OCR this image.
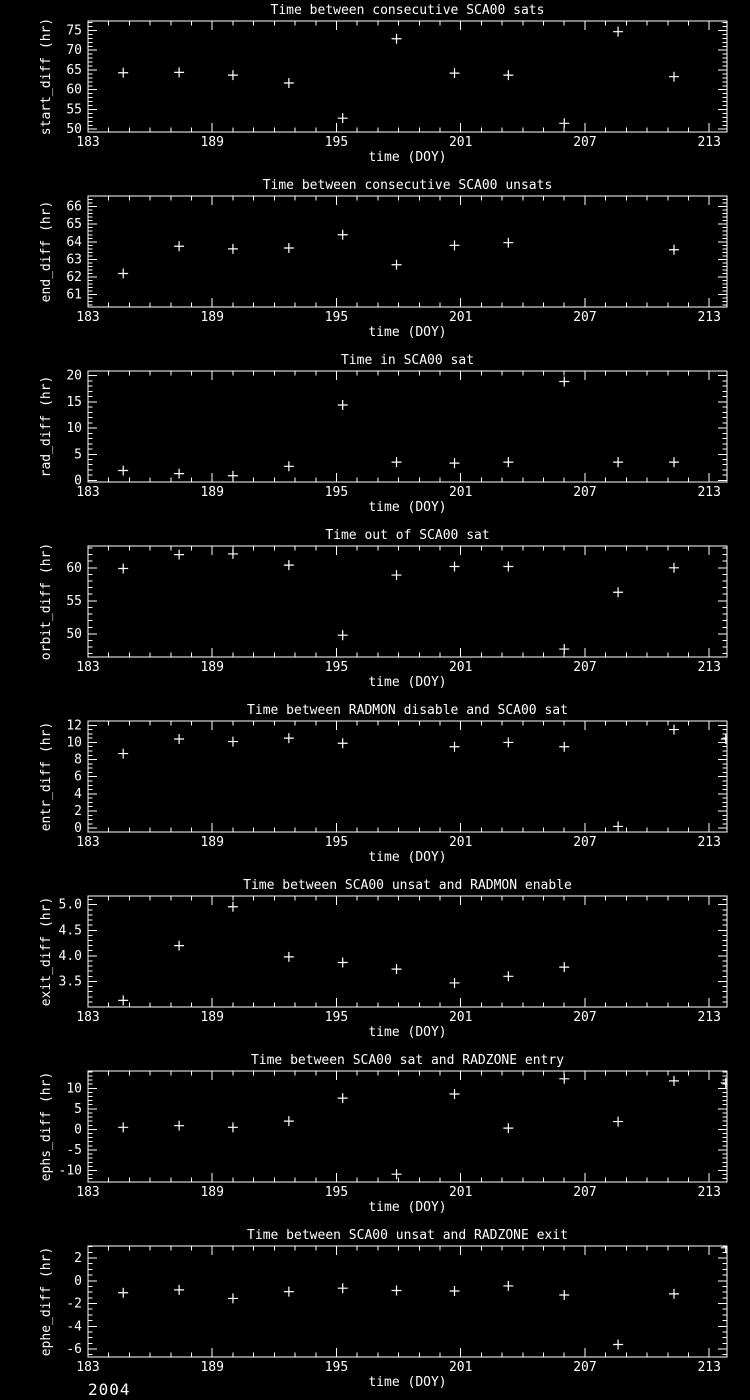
Time between consecutive SCA00 sats
183	189	195	201	207	213
time (DOY)
50
55
60
65
70
75
start_diff (hr)
Time between consecutive SCA00 unsats
183	189	195	201	207	213
time (DOY)
61
62
63
64
65
66
end_diff (hr)
Time in SCA00 sat
183	189	195	201	207	213
time (DOY)
0
5
10
15
20
rad_diff (hr)
Time out of SCA00 sat
183	189	195	201	207	213
time (DOY)
50
55
60
orbit_diff (hr)
Time between RADMON disable and SCA00 sat
183	189	195	201	207	213
time (DOY)
0
2
4
6
8
10
12
entr_diff (hr)
Time between SCA00 unsat and RADMON enable
183	189	195	201	207	213
time (DOY)
3.5
4.0
4.5
5.0
exit_diff (hr)
Time between SCA00 sat and RADZONE entry
183	189	195	201	207	213
time (DOY)
-10
-5
0
5
10
ephs_diff (hr)
Time between SCA00 unsat and RADZONE exit
183	189	195	201	207	213
time (DOY)
-6
-4
-2
0
2
ephe_diff (hr)
2004
